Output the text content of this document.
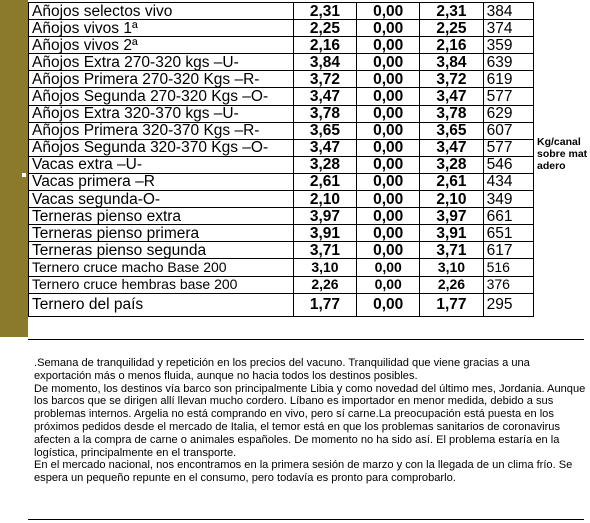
Añojos selectos vivo	2,31	0,00	2,31	384
Añojos vivos 1ª	2,25	0,00	2,25	374
Añojos vivos 2ª	2,16	0,00	2,16	359
Añojos Extra 270-320 kgs –U-	3,84	0,00	3,84	639
Añojos Primera 270-320 Kgs –R-	3,72	0,00	3,72	619
Añojos Segunda 270-320 Kgs –O-	3,47	0,00	3,47	577
Añojos Extra 320-370 kgs –U-	3,78	0,00	3,78	629
Añojos Primera 320-370 Kgs –R-	3,65	0,00	3,65	607
Añojos Segunda 320-370 Kgs –O-	3,47	0,00	3,47	577
Vacas extra –U-	3,28	0,00	3,28	546
Vacas primera –R	2,61	0,00	2,61	434
Vacas segunda-O-	2,10	0,00	2,10	349
Terneras pienso extra	3,97	0,00	3,97	661
Terneras pienso primera	3,91	0,00	3,91	651
Terneras pienso segunda	3,71	0,00	3,71	617
Ternero cruce macho Base 200	3,10	0,00	3,10	516
Ternero cruce hembras base 200	2,26	0,00	2,26	376
Ternero del país	1,77	0,00	1,77	295
Kg/canal sobre matadero

.Semana de tranquilidad y repetición en los precios del vacuno. Tranquilidad que viene gracias a una exportación más o menos fluida, aunque no hacia todos los destinos posibles.

De momento, los destinos vía barco son principalmente Libia y como novedad del último mes, Jordania. Aunque los barcos que se dirigen allí llevan mucho cordero. Líbano es importador en menor medida, debido a sus problemas internos. Argelia no está comprando en vivo, pero sí carne.La preocupación está puesta en los próximos pedidos desde el mercado de Italia, el temor está en que los problemas sanitarios de coronavirus afecten a la compra de carne o animales españoles. De momento no ha sido así. El problema estaría en la logística, principalmente en el transporte.

En el mercado nacional, nos encontramos en la primera sesión de marzo y con la llegada de un clima frío. Se espera un pequeño repunte en el consumo, pero todavía es pronto para comprobarlo.
